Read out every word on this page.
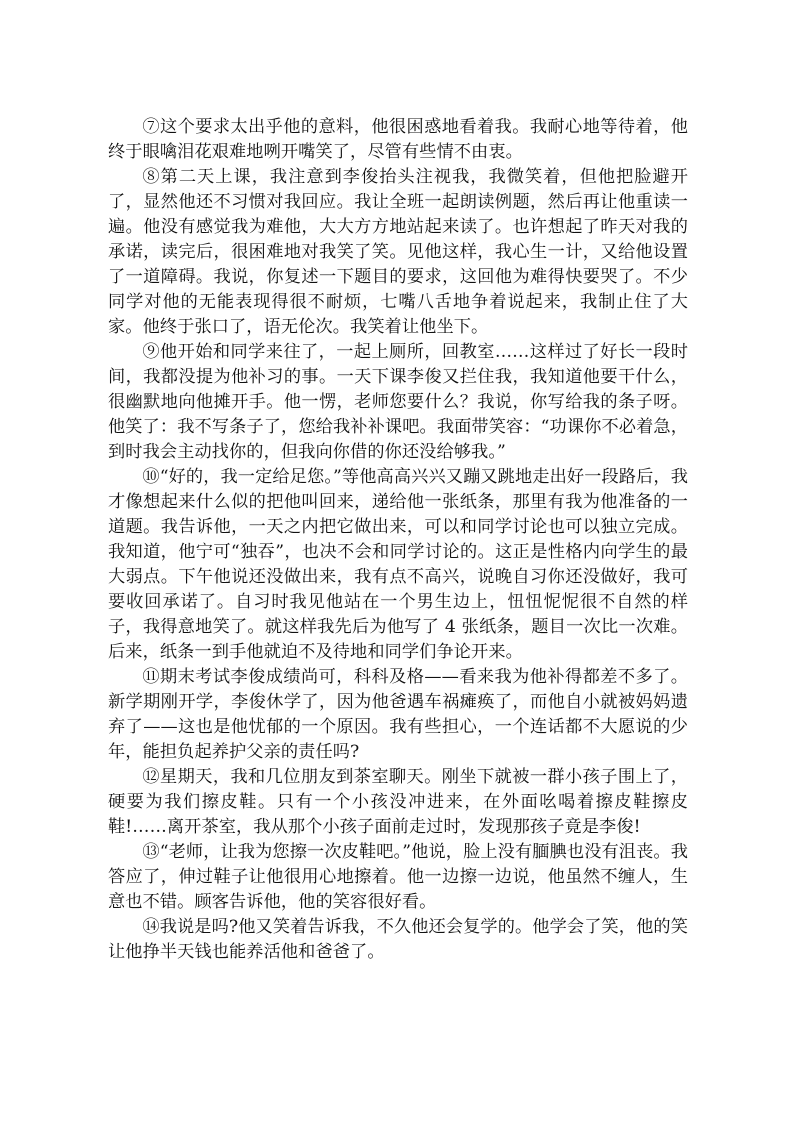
⑦这个要求太出乎他的意料，他很困惑地看着我。我耐心地等待着，他终于眼噙泪花艰难地咧开嘴笑了，尽管有些情不由衷。

⑧第二天上课，我注意到李俊抬头注视我，我微笑着，但他把脸避开了，显然他还不习惯对我回应。我让全班一起朗读例题，然后再让他重读一遍。他没有感觉我为难他，大大方方地站起来读了。也许想起了昨天对我的承诺，读完后，很困难地对我笑了笑。见他这样，我心生一计，又给他设置了一道障碍。我说，你复述一下题目的要求，这回他为难得快要哭了。不少同学对他的无能表现得很不耐烦，七嘴八舌地争着说起来，我制止住了大家。他终于张口了，语无伦次。我笑着让他坐下。

⑨他开始和同学来往了，一起上厕所，回教室……这样过了好长一段时间，我都没提为他补习的事。一天下课李俊又拦住我，我知道他要干什么，很幽默地向他摊开手。他一愣，老师您要什么？我说，你写给我的条子呀。他笑了：我不写条子了，您给我补补课吧。我面带笑容：“功课你不必着急，到时我会主动找你的，但我向你借的你还没给够我。”

⑩“好的，我一定给足您。”等他高高兴兴又蹦又跳地走出好一段路后，我才像想起来什么似的把他叫回来，递给他一张纸条，那里有我为他准备的一道题。我告诉他，一天之内把它做出来，可以和同学讨论也可以独立完成。我知道，他宁可“独吞”，也决不会和同学讨论的。这正是性格内向学生的最大弱点。下午他说还没做出来，我有点不高兴，说晚自习你还没做好，我可要收回承诺了。自习时我见他站在一个男生边上，忸忸怩怩很不自然的样子，我得意地笑了。就这样我先后为他写了 4 张纸条，题目一次比一次难。后来，纸条一到手他就迫不及待地和同学们争论开来。

⑪期末考试李俊成绩尚可，科科及格——看来我为他补得都差不多了。新学期刚开学，李俊休学了，因为他爸遇车祸瘫痪了，而他自小就被妈妈遗弃了——这也是他忧郁的一个原因。我有些担心，一个连话都不大愿说的少年，能担负起养护父亲的责任吗?

⑫星期天，我和几位朋友到茶室聊天。刚坐下就被一群小孩子围上了，硬要为我们擦皮鞋。只有一个小孩没冲进来，在外面吆喝着擦皮鞋擦皮鞋!……离开茶室，我从那个小孩子面前走过时，发现那孩子竟是李俊!

⑬“老师，让我为您擦一次皮鞋吧。”他说，脸上没有腼腆也没有沮丧。我答应了，伸过鞋子让他很用心地擦着。他一边擦一边说，他虽然不缠人，生意也不错。顾客告诉他，他的笑容很好看。

⑭我说是吗?他又笑着告诉我，不久他还会复学的。他学会了笑，他的笑让他挣半天钱也能养活他和爸爸了。
